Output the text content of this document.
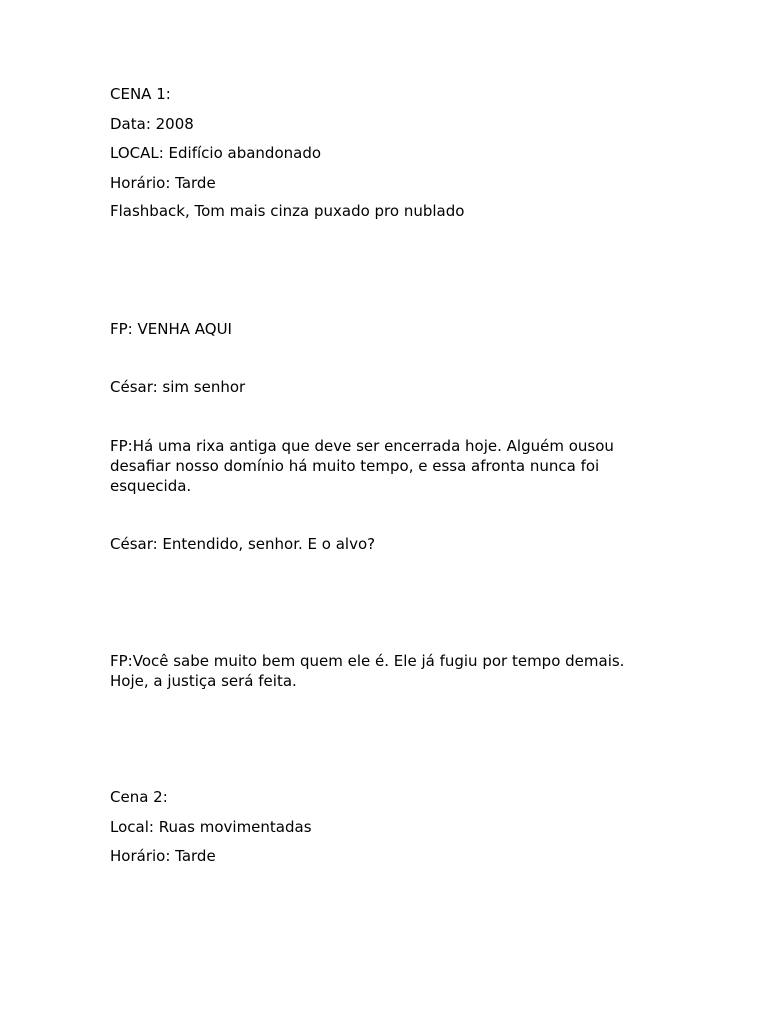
CENA 1:

Data: 2008

LOCAL: Edifício abandonado

Horário: Tarde

Flashback, Tom mais cinza puxado pro nublado

FP: VENHA AQUI

César: sim senhor

FP:Há uma rixa antiga que deve ser encerrada hoje. Alguém ousou desafiar nosso domínio há muito tempo, e essa afronta nunca foi esquecida.

César: Entendido, senhor. E o alvo?

FP:Você sabe muito bem quem ele é. Ele já fugiu por tempo demais. Hoje, a justiça será feita.

Cena 2:

Local: Ruas movimentadas

Horário: Tarde
